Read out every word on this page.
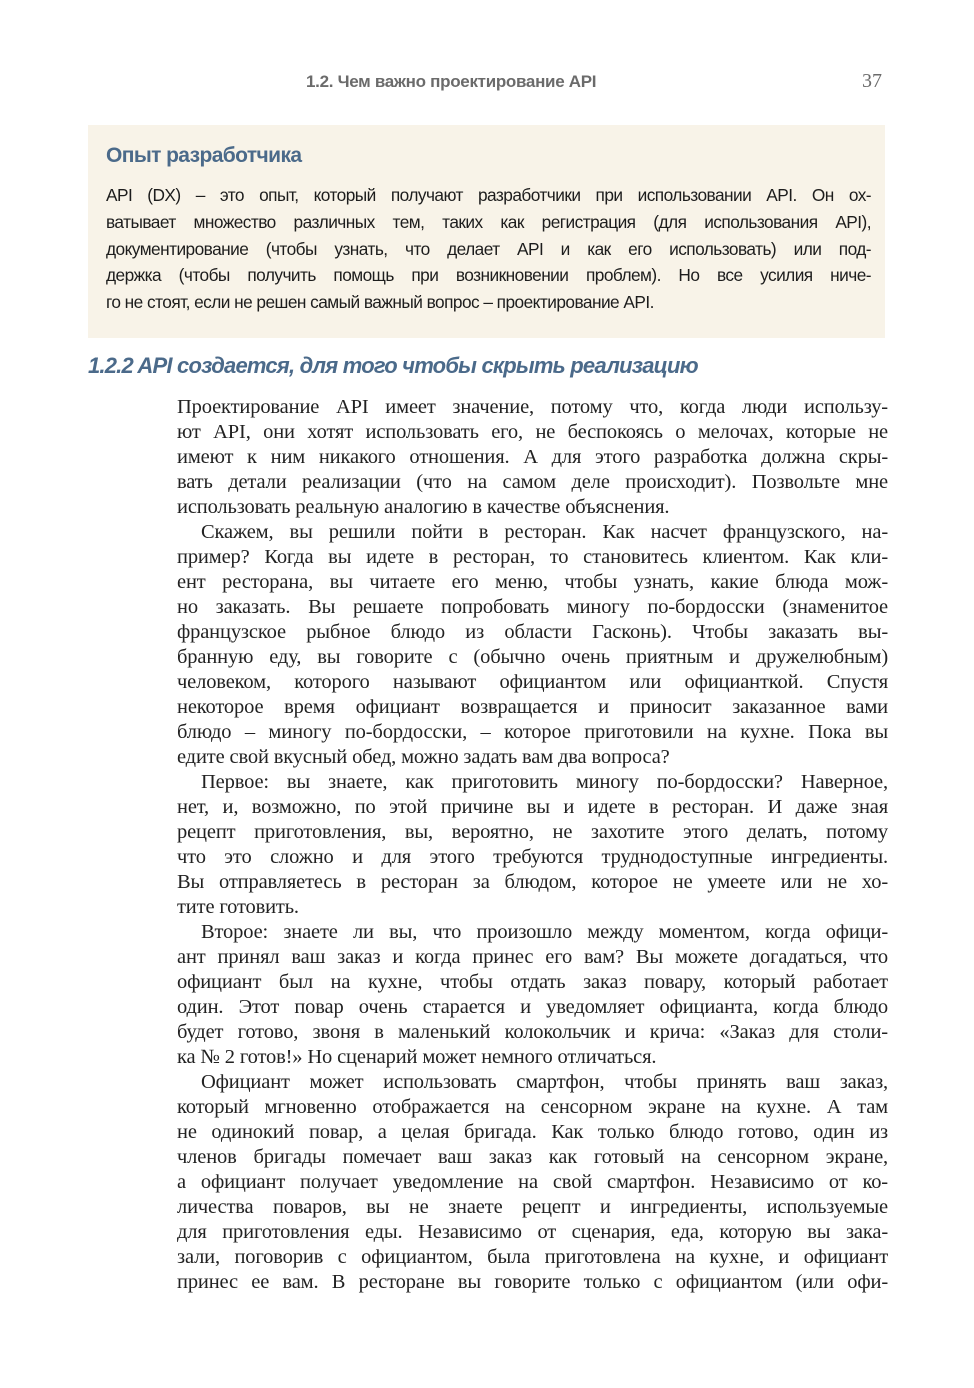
1.2. Чем важно проектирование API	37
Опыт разработчика
API (DX) – это опыт, который получают разработчики при использовании API. Он ох-
ватывает множество различных тем, таких как регистрация (для использования API),
документирование (чтобы узнать, что делает API и как его использовать) или под-
держка (чтобы получить помощь при возникновении проблем). Но все усилия ниче-
го не стоят, если не решен самый важный вопрос – проектирование API.
1.2.2 API создается, для того чтобы скрыть реализацию
Проектирование API имеет значение, потому что, когда люди использу-
ют API, они хотят использовать его, не беспокоясь о мелочах, которые не
имеют к ним никакого отношения. А для этого разработка должна скры-
вать детали реализации (что на самом деле происходит). Позвольте мне
использовать реальную аналогию в качестве объяснения.
Скажем, вы решили пойти в ресторан. Как насчет французского, на-
пример? Когда вы идете в ресторан, то становитесь клиентом. Как кли-
ент ресторана, вы читаете его меню, чтобы узнать, какие блюда мож-
но заказать. Вы решаете попробовать миногу по-бордосски (знаменитое
французское рыбное блюдо из области Гасконь). Чтобы заказать вы-
бранную еду, вы говорите с (обычно очень приятным и дружелюбным)
человеком, которого называют официантом или официанткой. Спустя
некоторое время официант возвращается и приносит заказанное вами
блюдо – миногу по-бордосски, – которое приготовили на кухне. Пока вы
едите свой вкусный обед, можно задать вам два вопроса?
Первое: вы знаете, как приготовить миногу по-бордосски? Наверное,
нет, и, возможно, по этой причине вы и идете в ресторан. И даже зная
рецепт приготовления, вы, вероятно, не захотите этого делать, потому
что это сложно и для этого требуются труднодоступные ингредиенты.
Вы отправляетесь в ресторан за блюдом, которое не умеете или не хо-
тите готовить.
Второе: знаете ли вы, что произошло между моментом, когда офици-
ант принял ваш заказ и когда принес его вам? Вы можете догадаться, что
официант был на кухне, чтобы отдать заказ повару, который работает
один. Этот повар очень старается и уведомляет официанта, когда блюдо
будет готово, звоня в маленький колокольчик и крича: «Заказ для столи-
ка № 2 готов!» Но сценарий может немного отличаться.
Официант может использовать смартфон, чтобы принять ваш заказ,
который мгновенно отображается на сенсорном экране на кухне. А там
не одинокий повар, а целая бригада. Как только блюдо готово, один из
членов бригады помечает ваш заказ как готовый на сенсорном экране,
а официант получает уведомление на свой смартфон. Независимо от ко-
личества поваров, вы не знаете рецепт и ингредиенты, используемые
для приготовления еды. Независимо от сценария, еда, которую вы зака-
зали, поговорив с официантом, была приготовлена на кухне, и официант
принес ее вам. В ресторане вы говорите только с официантом (или офи-
